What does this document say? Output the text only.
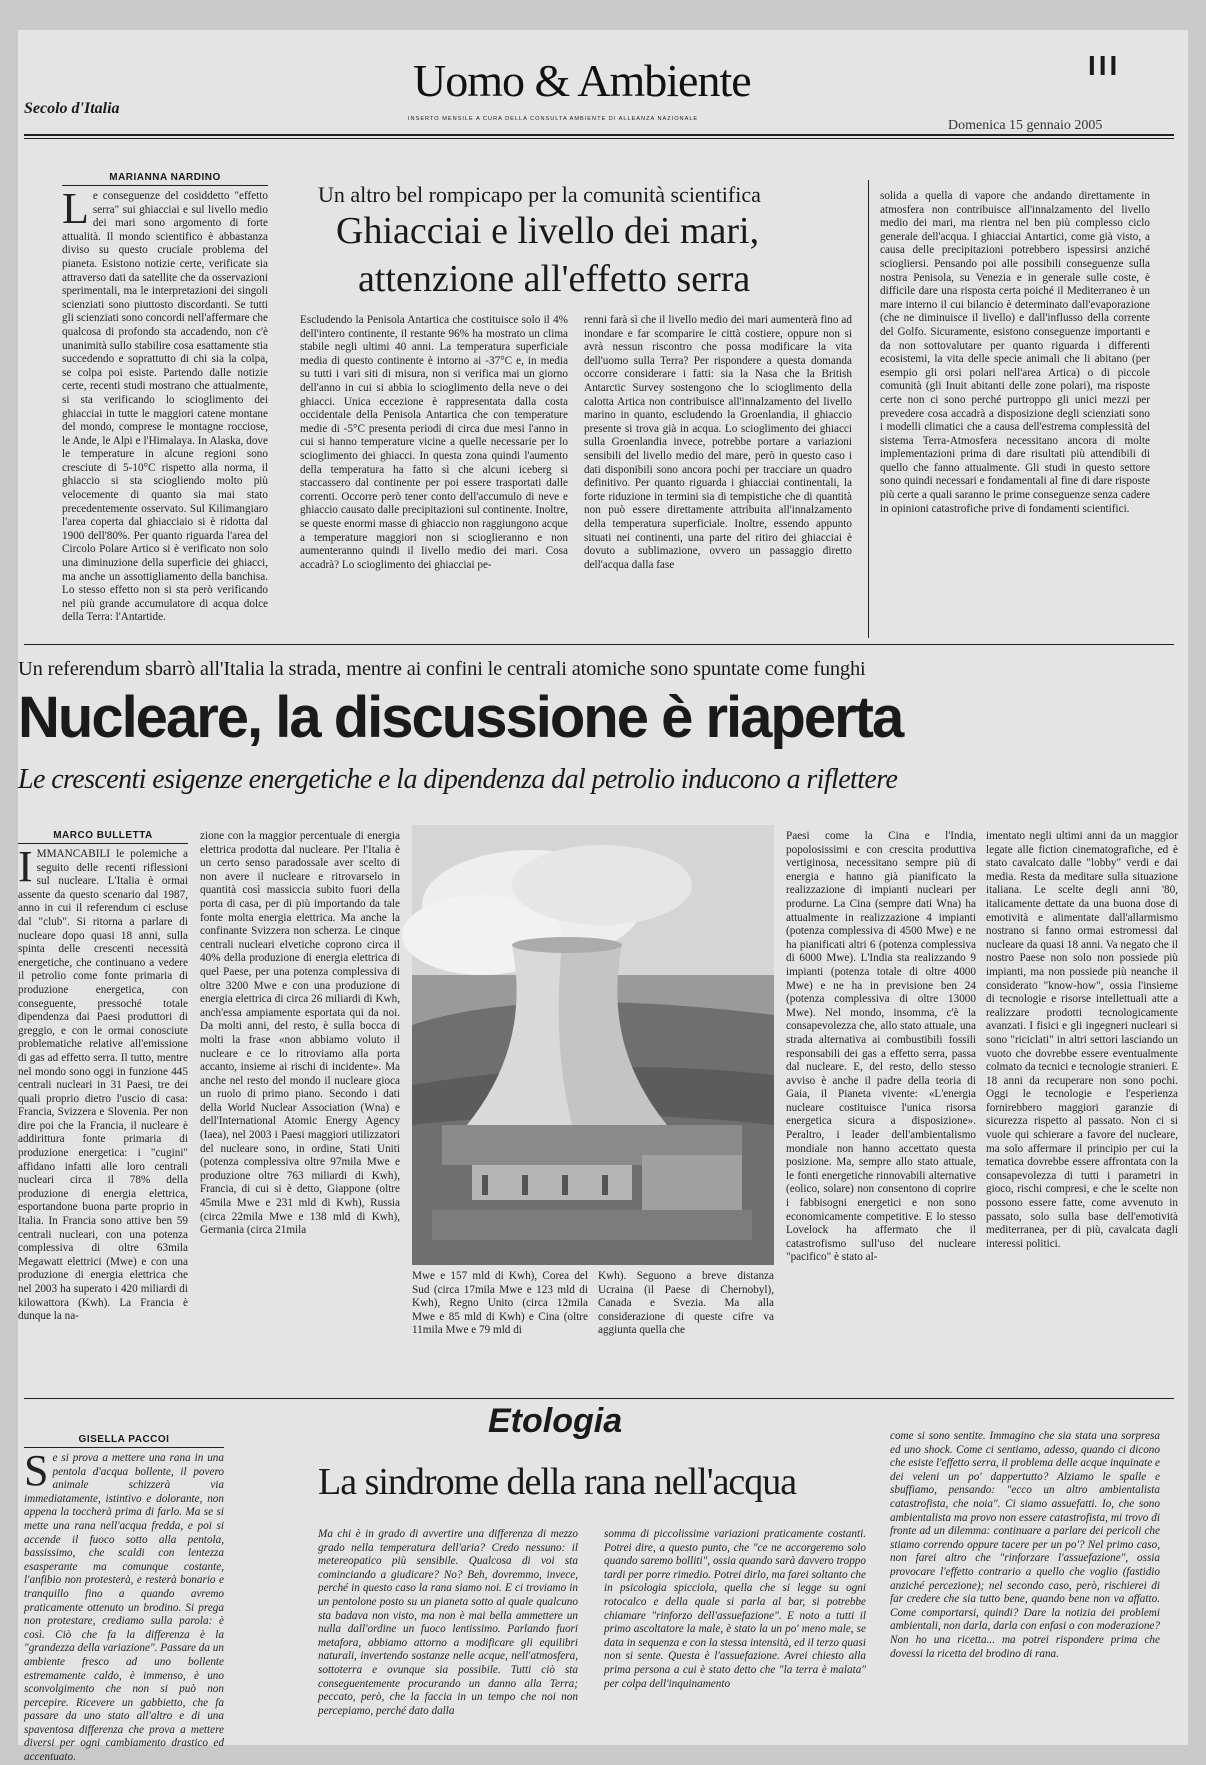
Secolo d'Italia
Uomo & Ambiente
INSERTO MENSILE A CURA DELLA CONSULTA AMBIENTE DI ALLEANZA NAZIONALE	Domenica 15 gennaio 2005
III
MARIANNA NARDINO
Le conseguenze del cosiddetto "effetto serra" sui ghiacciai e sul livello medio dei mari sono argomento di forte attualità. Il mondo scientifico è abbastanza diviso su questo cruciale problema del pianeta. Esistono notizie certe, verificate sia attraverso dati da satellite che da osservazioni sperimentali, ma le interpretazioni dei singoli scienziati sono piuttosto discordanti. Se tutti gli scienziati sono concordi nell'affermare che qualcosa di profondo sta accadendo, non c'è unanimità sullo stabilire cosa esattamente stia succedendo e soprattutto di chi sia la colpa, se colpa poi esiste. Partendo dalle notizie certe, recenti studi mostrano che attualmente, si sta verificando lo scioglimento dei ghiacciai in tutte le maggiori catene montane del mondo, comprese le montagne rocciose, le Ande, le Alpi e l'Himalaya. In Alaska, dove le temperature in alcune regioni sono cresciute di 5-10°C rispetto alla norma, il ghiaccio si sta sciogliendo molto più velocemente di quanto sia mai stato precedentemente osservato. Sul Kilimangiaro l'area coperta dal ghiacciaio si è ridotta dal 1900 dell'80%. Per quanto riguarda l'area del Circolo Polare Artico si è verificato non solo una diminuzione della superficie dei ghiacci, ma anche un assottigliamento della banchisa. Lo stesso effetto non si sta però verificando nel più grande accumulatore di acqua dolce della Terra: l'Antartide.
Un altro bel rompicapo per la comunità scientifica
Ghiacciai e livello dei mari,
attenzione all'effetto serra
Escludendo la Penisola Antartica che costituisce solo il 4% dell'intero continente, il restante 96% ha mostrato un clima stabile negli ultimi 40 anni. La temperatura superficiale media di questo continente è intorno ai -37°C e, in media su tutti i vari siti di misura, non si verifica mai un giorno dell'anno in cui si abbia lo scioglimento della neve o dei ghiacci. Unica eccezione è rappresentata dalla costa occidentale della Penisola Antartica che con temperature medie di -5°C presenta periodi di circa due mesi l'anno in cui si hanno temperature vicine a quelle necessarie per lo scioglimento dei ghiacci. In questa zona quindi l'aumento della temperatura ha fatto sì che alcuni iceberg si staccassero dal continente per poi essere trasportati dalle correnti. Occorre però tener conto dell'accumulo di neve e ghiaccio causato dalle precipitazioni sul continente. Inoltre, se queste enormi masse di ghiaccio non raggiungono acque a temperature maggiori non si scioglieranno e non aumenteranno quindi il livello medio dei mari. Cosa accadrà? Lo scioglimento dei ghiacciai pe-
renni farà sì che il livello medio dei mari aumenterà fino ad inondare e far scomparire le città costiere, oppure non si avrà nessun riscontro che possa modificare la vita dell'uomo sulla Terra? Per rispondere a questa domanda occorre considerare i fatti: sia la Nasa che la British Antarctic Survey sostengono che lo scioglimento della calotta Artica non contribuisce all'innalzamento del livello marino in quanto, escludendo la Groenlandia, il ghiaccio presente si trova già in acqua. Lo scioglimento dei ghiacci sulla Groenlandia invece, potrebbe portare a variazioni sensibili del livello medio del mare, però in questo caso i dati disponibili sono ancora pochi per tracciare un quadro definitivo. Per quanto riguarda i ghiacciai continentali, la forte riduzione in termini sia di tempistiche che di quantità non può essere direttamente attribuita all'innalzamento della temperatura superficiale. Inoltre, essendo appunto situati nei continenti, una parte del ritiro dei ghiacciai è dovuto a sublimazione, ovvero un passaggio diretto dell'acqua dalla fase
solida a quella di vapore che andando direttamente in atmosfera non contribuisce all'innalzamento del livello medio dei mari, ma rientra nel ben più complesso ciclo generale dell'acqua. I ghiacciai Antartici, come già visto, a causa delle precipitazioni potrebbero ispessirsi anziché sciogliersi. Pensando poi alle possibili conseguenze sulla nostra Penisola, su Venezia e in generale sulle coste, è difficile dare una risposta certa poiché il Mediterraneo è un mare interno il cui bilancio è determinato dall'evaporazione (che ne diminuisce il livello) e dall'influsso della corrente del Golfo. Sicuramente, esistono conseguenze importanti e da non sottovalutare per quanto riguarda i differenti ecosistemi, la vita delle specie animali che li abitano (per esempio gli orsi polari nell'area Artica) o di piccole comunità (gli Inuit abitanti delle zone polari), ma risposte certe non ci sono perché purtroppo gli unici mezzi per prevedere cosa accadrà a disposizione degli scienziati sono i modelli climatici che a causa dell'estrema complessità del sistema Terra-Atmosfera necessitano ancora di molte implementazioni prima di dare risultati più attendibili di quello che fanno attualmente. Gli studi in questo settore sono quindi necessari e fondamentali al fine di dare risposte più certe a quali saranno le prime conseguenze senza cadere in opinioni catastrofiche prive di fondamenti scientifici.
Un referendum sbarrò all'Italia la strada, mentre ai confini le centrali atomiche sono spuntate come funghi
Nucleare, la discussione è riaperta
Le crescenti esigenze energetiche e la dipendenza dal petrolio inducono a riflettere
MARCO BULLETTA
IMMANCABILI le polemiche a seguito delle recenti riflessioni sul nucleare. L'Italia è ormai assente da questo scenario dal 1987, anno in cui il referendum ci escluse dal "club". Si ritorna a parlare di nucleare dopo quasi 18 anni, sulla spinta delle crescenti necessità energetiche, che continuano a vedere il petrolio come fonte primaria di produzione energetica, con conseguente, pressoché totale dipendenza dai Paesi produttori di greggio, e con le ormai conosciute problematiche relative all'emissione di gas ad effetto serra. Il tutto, mentre nel mondo sono oggi in funzione 445 centrali nucleari in 31 Paesi, tre dei quali proprio dietro l'uscio di casa: Francia, Svizzera e Slovenia. Per non dire poi che la Francia, il nucleare è addirittura fonte primaria di produzione energetica: i "cugini" affidano infatti alle loro centrali nucleari circa il 78% della produzione di energia elettrica, esportandone buona parte proprio in Italia. In Francia sono attive ben 59 centrali nucleari, con una potenza complessiva di oltre 63mila Megawatt elettrici (Mwe) e con una produzione di energia elettrica che nel 2003 ha superato i 420 miliardi di kilowattora (Kwh). La Francia è dunque la na-
zione con la maggior percentuale di energia elettrica prodotta dal nucleare. Per l'Italia è un certo senso paradossale aver scelto di non avere il nucleare e ritrovarselo in quantità così massiccia subito fuori della porta di casa, per di più importando da tale fonte molta energia elettrica. Ma anche la confinante Svizzera non scherza. Le cinque centrali nucleari elvetiche coprono circa il 40% della produzione di energia elettrica di quel Paese, per una potenza complessiva di oltre 3200 Mwe e con una produzione di energia elettrica di circa 26 miliardi di Kwh, anch'essa ampiamente esportata qui da noi. Da molti anni, del resto, è sulla bocca di molti la frase «non abbiamo voluto il nucleare e ce lo ritroviamo alla porta accanto, insieme ai rischi di incidente». Ma anche nel resto del mondo il nucleare gioca un ruolo di primo piano. Secondo i dati della World Nuclear Association (Wna) e dell'International Atomic Energy Agency (Iaea), nel 2003 i Paesi maggiori utilizzatori del nucleare sono, in ordine, Stati Uniti (potenza complessiva oltre 97mila Mwe e produzione oltre 763 miliardi di Kwh), Francia, di cui si è detto, Giappone (oltre 45mila Mwe e 231 mld di Kwh), Russia (circa 22mila Mwe e 138 mld di Kwh), Germania (circa 21mila
Mwe e 157 mld di Kwh), Corea del Sud (circa 17mila Mwe e 123 mld di Kwh), Regno Unito (circa 12mila Mwe e 85 mld di Kwh) e Cina (oltre 11mila Mwe e 79 mld di
Kwh). Seguono a breve distanza Ucraina (il Paese di Chernobyl), Canada e Svezia. Ma alla considerazione di queste cifre va aggiunta quella che
Paesi come la Cina e l'India, popolosissimi e con crescita produttiva vertiginosa, necessitano sempre più di energia e hanno già pianificato la realizzazione di impianti nucleari per produrne. La Cina (sempre dati Wna) ha attualmente in realizzazione 4 impianti (potenza complessiva di 4500 Mwe) e ne ha pianificati altri 6 (potenza complessiva di 6000 Mwe). L'India sta realizzando 9 impianti (potenza totale di oltre 4000 Mwe) e ne ha in previsione ben 24 (potenza complessiva di oltre 13000 Mwe). Nel mondo, insomma, c'è la consapevolezza che, allo stato attuale, una strada alternativa ai combustibili fossili responsabili dei gas a effetto serra, passa dal nucleare. E, del resto, dello stesso avviso è anche il padre della teoria di Gaia, il Pianeta vivente: «L'energia nucleare costituisce l'unica risorsa energetica sicura a disposizione». Peraltro, i leader dell'ambientalismo mondiale non hanno accettato questa posizione. Ma, sempre allo stato attuale, le fonti energetiche rinnovabili alternative (eolico, solare) non consentono di coprire i fabbisogni energetici e non sono economicamente competitive. E lo stesso Lovelock ha affermato che il catastrofismo sull'uso del nucleare "pacifico" è stato al-
imentato negli ultimi anni da un maggior legate alle fiction cinematografiche, ed è stato cavalcato dalle "lobby" verdi e dai media. Resta da meditare sulla situazione italiana. Le scelte degli anni '80, italicamente dettate da una buona dose di emotività e alimentate dall'allarmismo nostrano si fanno ormai estromessi dal nucleare da quasi 18 anni. Va negato che il nostro Paese non solo non possiede più impianti, ma non possiede più neanche il considerato "know-how", ossia l'insieme di tecnologie e risorse intellettuali atte a realizzare prodotti tecnologicamente avanzati. I fisici e gli ingegneri nucleari si sono "riciclati" in altri settori lasciando un vuoto che dovrebbe essere eventualmente colmato da tecnici e tecnologie stranieri. E 18 anni da recuperare non sono pochi. Oggi le tecnologie e l'esperienza fornirebbero maggiori garanzie di sicurezza rispetto al passato. Non ci si vuole qui schierare a favore del nucleare, ma solo affermare il principio per cui la tematica dovrebbe essere affrontata con la consapevolezza di tutti i parametri in gioco, rischi compresi, e che le scelte non possono essere fatte, come avvenuto in passato, solo sulla base dell'emotività mediterranea, per di più, cavalcata dagli interessi politici.
Etologia
GISELLA PACCOI
Se si prova a mettere una rana in una pentola d'acqua bollente, il povero animale schizzerà via immediatamente, istintivo e dolorante, non appena la toccherà prima di farlo. Ma se si mette una rana nell'acqua fredda, e poi si accende il fuoco sotto alla pentola, bassissimo, che scaldi con lentezza esasperante ma comunque costante, l'anfibio non protesterà, e resterà bonario e tranquillo fino a quando avremo praticamente ottenuto un brodino. Si prega non protestare, crediamo sulla parola: è così. Ciò che fa la differenza è la "grandezza della variazione". Passare da un ambiente fresco ad uno bollente estremamente caldo, è immenso, è uno sconvolgimento che non si può non percepire. Ricevere un gabbietto, che fa passare da uno stato all'altro e di una spaventosa differenza che prova a mettere diversi per ogni cambiamento drastico ed accentuato.
La sindrome della rana nell'acqua
Ma chi è in grado di avvertire una differenza di mezzo grado nella temperatura dell'aria? Credo nessuno: il metereopatico più sensibile. Qualcosa di voi sta cominciando a giudicare? No? Beh, dovremmo, invece, perché in questo caso la rana siamo noi. E ci troviamo in un pentolone posto su un pianeta sotto al quale qualcuno sta badava non visto, ma non è mai bella ammettere un nulla dall'ordine un fuoco lentissimo. Parlando fuori metafora, abbiamo attorno a modificare gli equilibri naturali, invertendo sostanze nelle acque, nell'atmosfera, sottoterra e ovunque sia possibile. Tutti ciò sta conseguentemente procurando un danno alla Terra; peccato, però, che la faccia in un tempo che noi non percepiamo, perché dato dalla
somma di piccolissime variazioni praticamente costanti. Potrei dire, a questo punto, che "ce ne accorgeremo solo quando saremo bolliti", ossia quando sarà davvero troppo tardi per porre rimedio. Potrei dirlo, ma farei soltanto che in psicologia spicciola, quella che si legge su ogni rotocalco e della quale si parla al bar, si potrebbe chiamare "rinforzo dell'assuefazione". E noto a tutti il primo ascoltatore la male, è stato la un po' meno male, se data in sequenza e con la stessa intensità, ed il terzo quasi non si sente. Questa è l'assuefazione. Avrei chiesto alla prima persona a cui è stato detto che "la terra è malata" per colpa dell'inquinamento
come si sono sentite. Immagino che sia stata una sorpresa ed uno shock. Come ci sentiamo, adesso, quando ci dicono che esiste l'effetto serra, il problema delle acque inquinate e dei veleni un po' dappertutto? Alziamo le spalle e sbuffiamo, pensando: "ecco un altro ambientalista catastrofista, che noia". Ci siamo assuefatti. Io, che sono ambientalista ma provo non essere catastrofista, mi trovo di fronte ad un dilemma: continuare a parlare dei pericoli che stiamo correndo oppure tacere per un po'? Nel primo caso, non farei altro che "rinforzare l'assuefazione", ossia provocare l'effetto contrario a quello che voglio (fastidio anziché percezione); nel secondo caso, però, rischierei di far credere che sia tutto bene, quando bene non va affatto. Come comportarsi, quindi? Dare la notizia dei problemi ambientali, non darla, darla con enfasi o con moderazione? Non ho una ricetta... ma potrei rispondere prima che dovessi la ricetta del brodino di rana.
